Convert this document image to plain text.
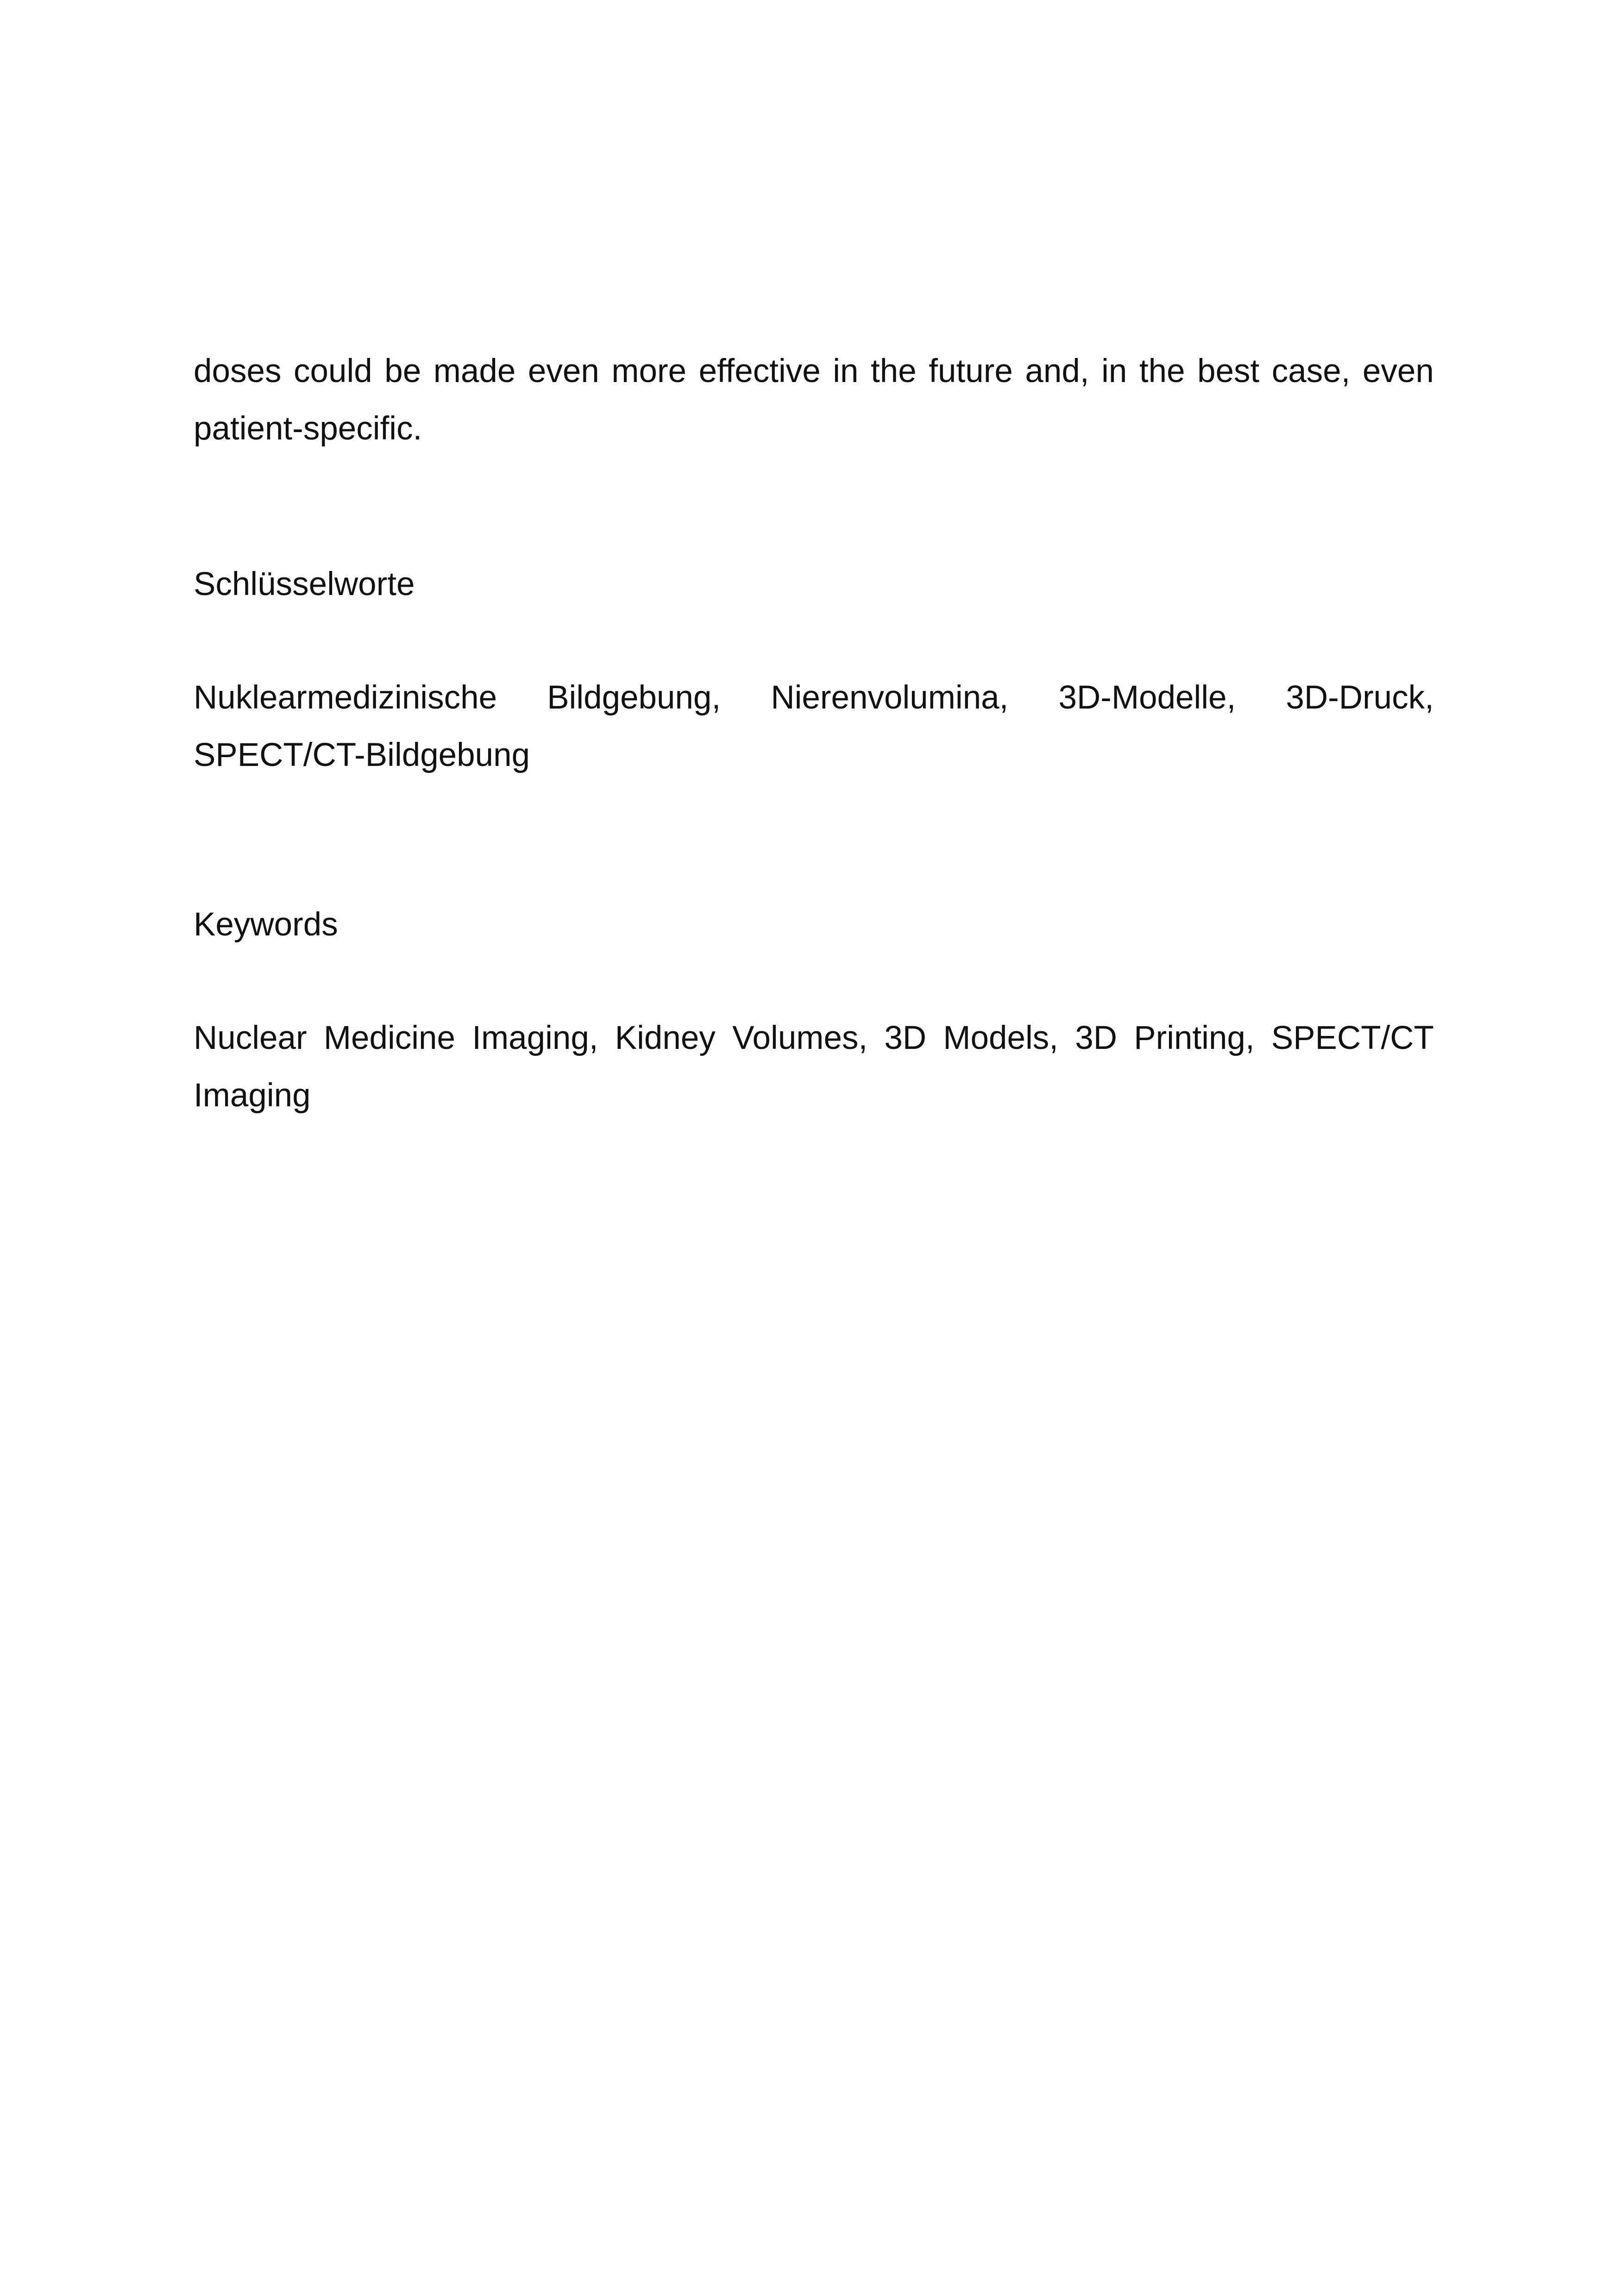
doses could be made even more effective in the future and, in the best case, even patient-specific.

Schlüsselworte

Nuklearmedizinische Bildgebung, Nierenvolumina, 3D-Modelle, 3D-Druck, SPECT/CT-Bildgebung

Keywords

Nuclear Medicine Imaging, Kidney Volumes, 3D Models, 3D Printing, SPECT/CT Imaging
